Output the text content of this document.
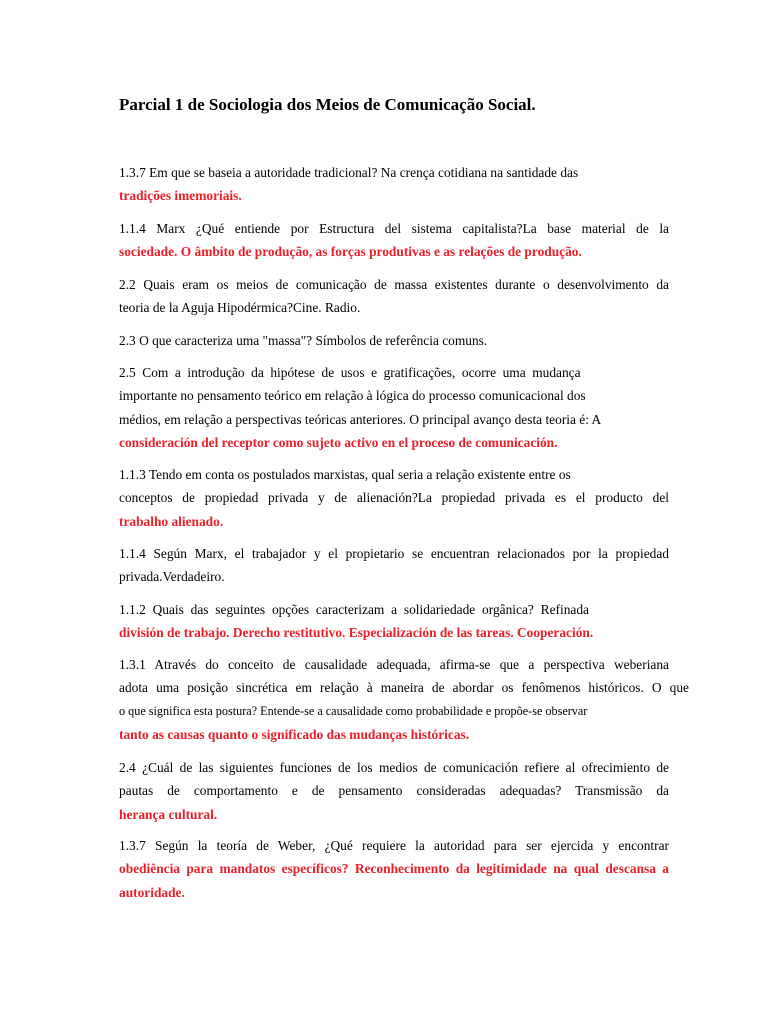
Parcial 1 de Sociologia dos Meios de Comunicação Social.
1.3.7 Em que se baseia a autoridade tradicional? Na crença cotidiana na santidade das
tradições imemoriais.
1.1.4 Marx ¿Qué entiende por Estructura del sistema capitalista?La base material de la
sociedade. O âmbito de produção, as forças produtivas e as relações de produção.
2.2 Quais eram os meios de comunicação de massa existentes durante o desenvolvimento da
teoria de la Aguja Hipodérmica?Cine. Radio.
2.3 O que caracteriza uma "massa"? Símbolos de referência comuns.
2.5 Com a introdução da hipótese de usos e gratificações, ocorre uma mudança
importante no pensamento teórico em relação à lógica do processo comunicacional dos
médios, em relação a perspectivas teóricas anteriores. O principal avanço desta teoria é: A
consideración del receptor como sujeto activo en el proceso de comunicación.
1.1.3 Tendo em conta os postulados marxistas, qual seria a relação existente entre os
conceptos de propiedad privada y de alienación?La propiedad privada es el producto del
trabalho alienado.
1.1.4 Según Marx, el trabajador y el propietario se encuentran relacionados por la propiedad
privada.Verdadeiro.
1.1.2 Quais das seguintes opções caracterizam a solidariedade orgânica? Refinada
división de trabajo. Derecho restitutivo. Especialización de las tareas. Cooperación.
1.3.1 Através do conceito de causalidade adequada, afirma-se que a perspectiva weberiana
adota uma posição sincrética em relação à maneira de abordar os fenômenos históricos. O que
o que significa esta postura? Entende-se a causalidade como probabilidade e propõe-se observar
tanto as causas quanto o significado das mudanças históricas.
2.4 ¿Cuál de las siguientes funciones de los medios de comunicación refiere al ofrecimiento de
pautas de comportamento e de pensamento consideradas adequadas? Transmissão da
herança cultural.
1.3.7 Según la teoría de Weber, ¿Qué requiere la autoridad para ser ejercida y encontrar
obediência para mandatos específicos? Reconhecimento da legitimidade na qual descansa a
autoridade.
